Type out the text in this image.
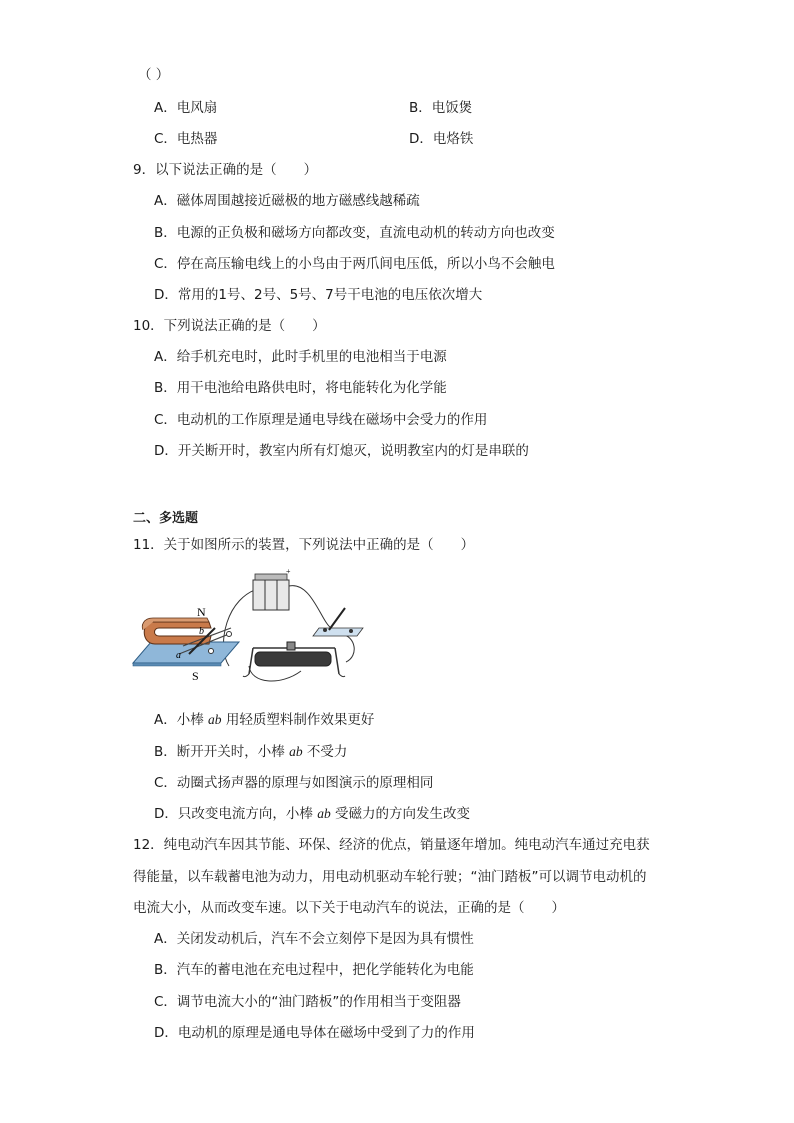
（ ）
A．电风扇	B．电饭煲
C．电热器	D．电烙铁
9．以下说法正确的是（　　）
A．磁体周围越接近磁极的地方磁感线越稀疏
B．电源的正负极和磁场方向都改变，直流电动机的转动方向也改变
C．停在高压输电线上的小鸟由于两爪间电压低，所以小鸟不会触电
D．常用的1号、2号、5号、7号干电池的电压依次增大
10．下列说法正确的是（　　）
A．给手机充电时，此时手机里的电池相当于电源
B．用干电池给电路供电时，将电能转化为化学能
C．电动机的工作原理是通电导线在磁场中会受力的作用
D．开关断开时，教室内所有灯熄灭，说明教室内的灯是串联的
二、多选题
11．关于如图所示的装置，下列说法中正确的是（　　）
N
S
b
a
+
A．小棒 ab 用轻质塑料制作效果更好
B．断开开关时，小棒 ab 不受力
C．动圈式扬声器的原理与如图演示的原理相同
D．只改变电流方向，小棒 ab 受磁力的方向发生改变
12．纯电动汽车因其节能、环保、经济的优点，销量逐年增加。纯电动汽车通过充电获
得能量，以车载蓄电池为动力，用电动机驱动车轮行驶；“油门踏板”可以调节电动机的
电流大小，从而改变车速。以下关于电动汽车的说法，正确的是（　　）
A．关闭发动机后，汽车不会立刻停下是因为具有惯性
B．汽车的蓄电池在充电过程中，把化学能转化为电能
C．调节电流大小的“油门踏板”的作用相当于变阻器
D．电动机的原理是通电导体在磁场中受到了力的作用
